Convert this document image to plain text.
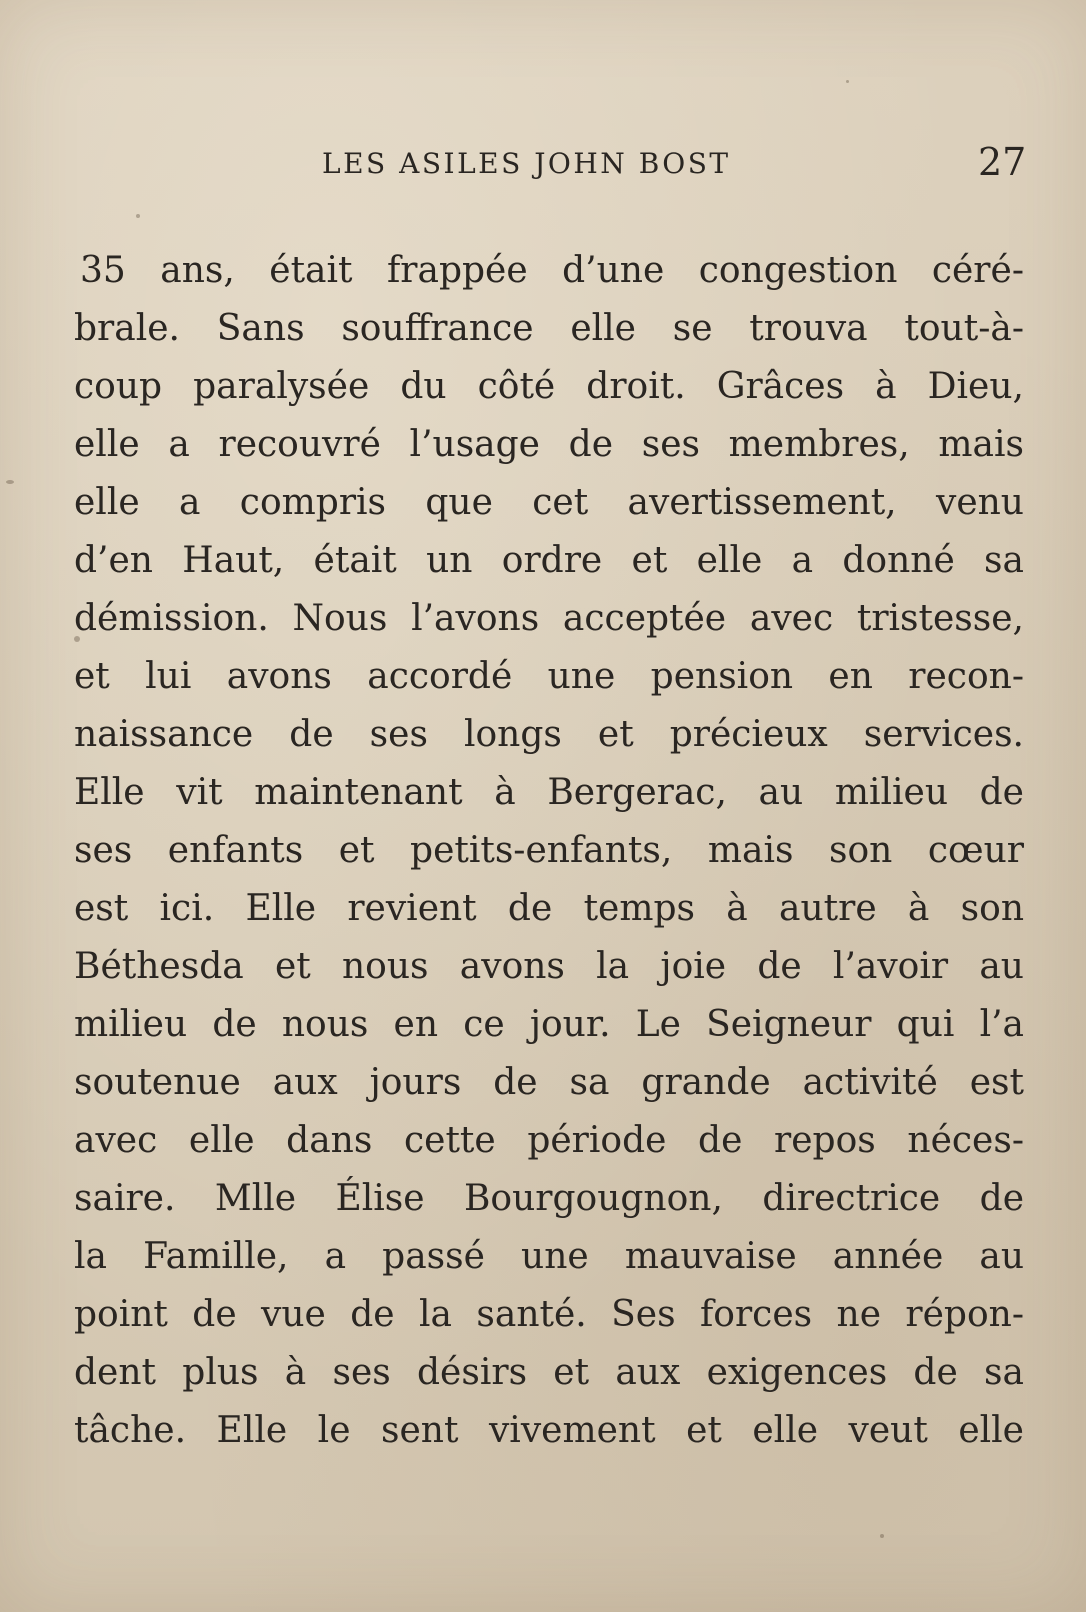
LES ASILES JOHN BOST	27
35 ans, était frappée d’une congestion céré-
brale. Sans souffrance elle se trouva tout-à-
coup paralysée du côté droit. Grâces à Dieu,
elle a recouvré l’usage de ses membres, mais
elle a compris que cet avertissement, venu
d’en Haut, était un ordre et elle a donné sa
démission. Nous l’avons acceptée avec tristesse,
et lui avons accordé une pension en recon-
naissance de ses longs et précieux services.
Elle vit maintenant à Bergerac, au milieu de
ses enfants et petits-enfants, mais son cœur
est ici. Elle revient de temps à autre à son
Béthesda et nous avons la joie de l’avoir au
milieu de nous en ce jour. Le Seigneur qui l’a
soutenue aux jours de sa grande activité est
avec elle dans cette période de repos néces-
saire. Mlle Élise Bourgougnon, directrice de
la Famille, a passé une mauvaise année au
point de vue de la santé. Ses forces ne répon-
dent plus à ses désirs et aux exigences de sa
tâche. Elle le sent vivement et elle veut elle
